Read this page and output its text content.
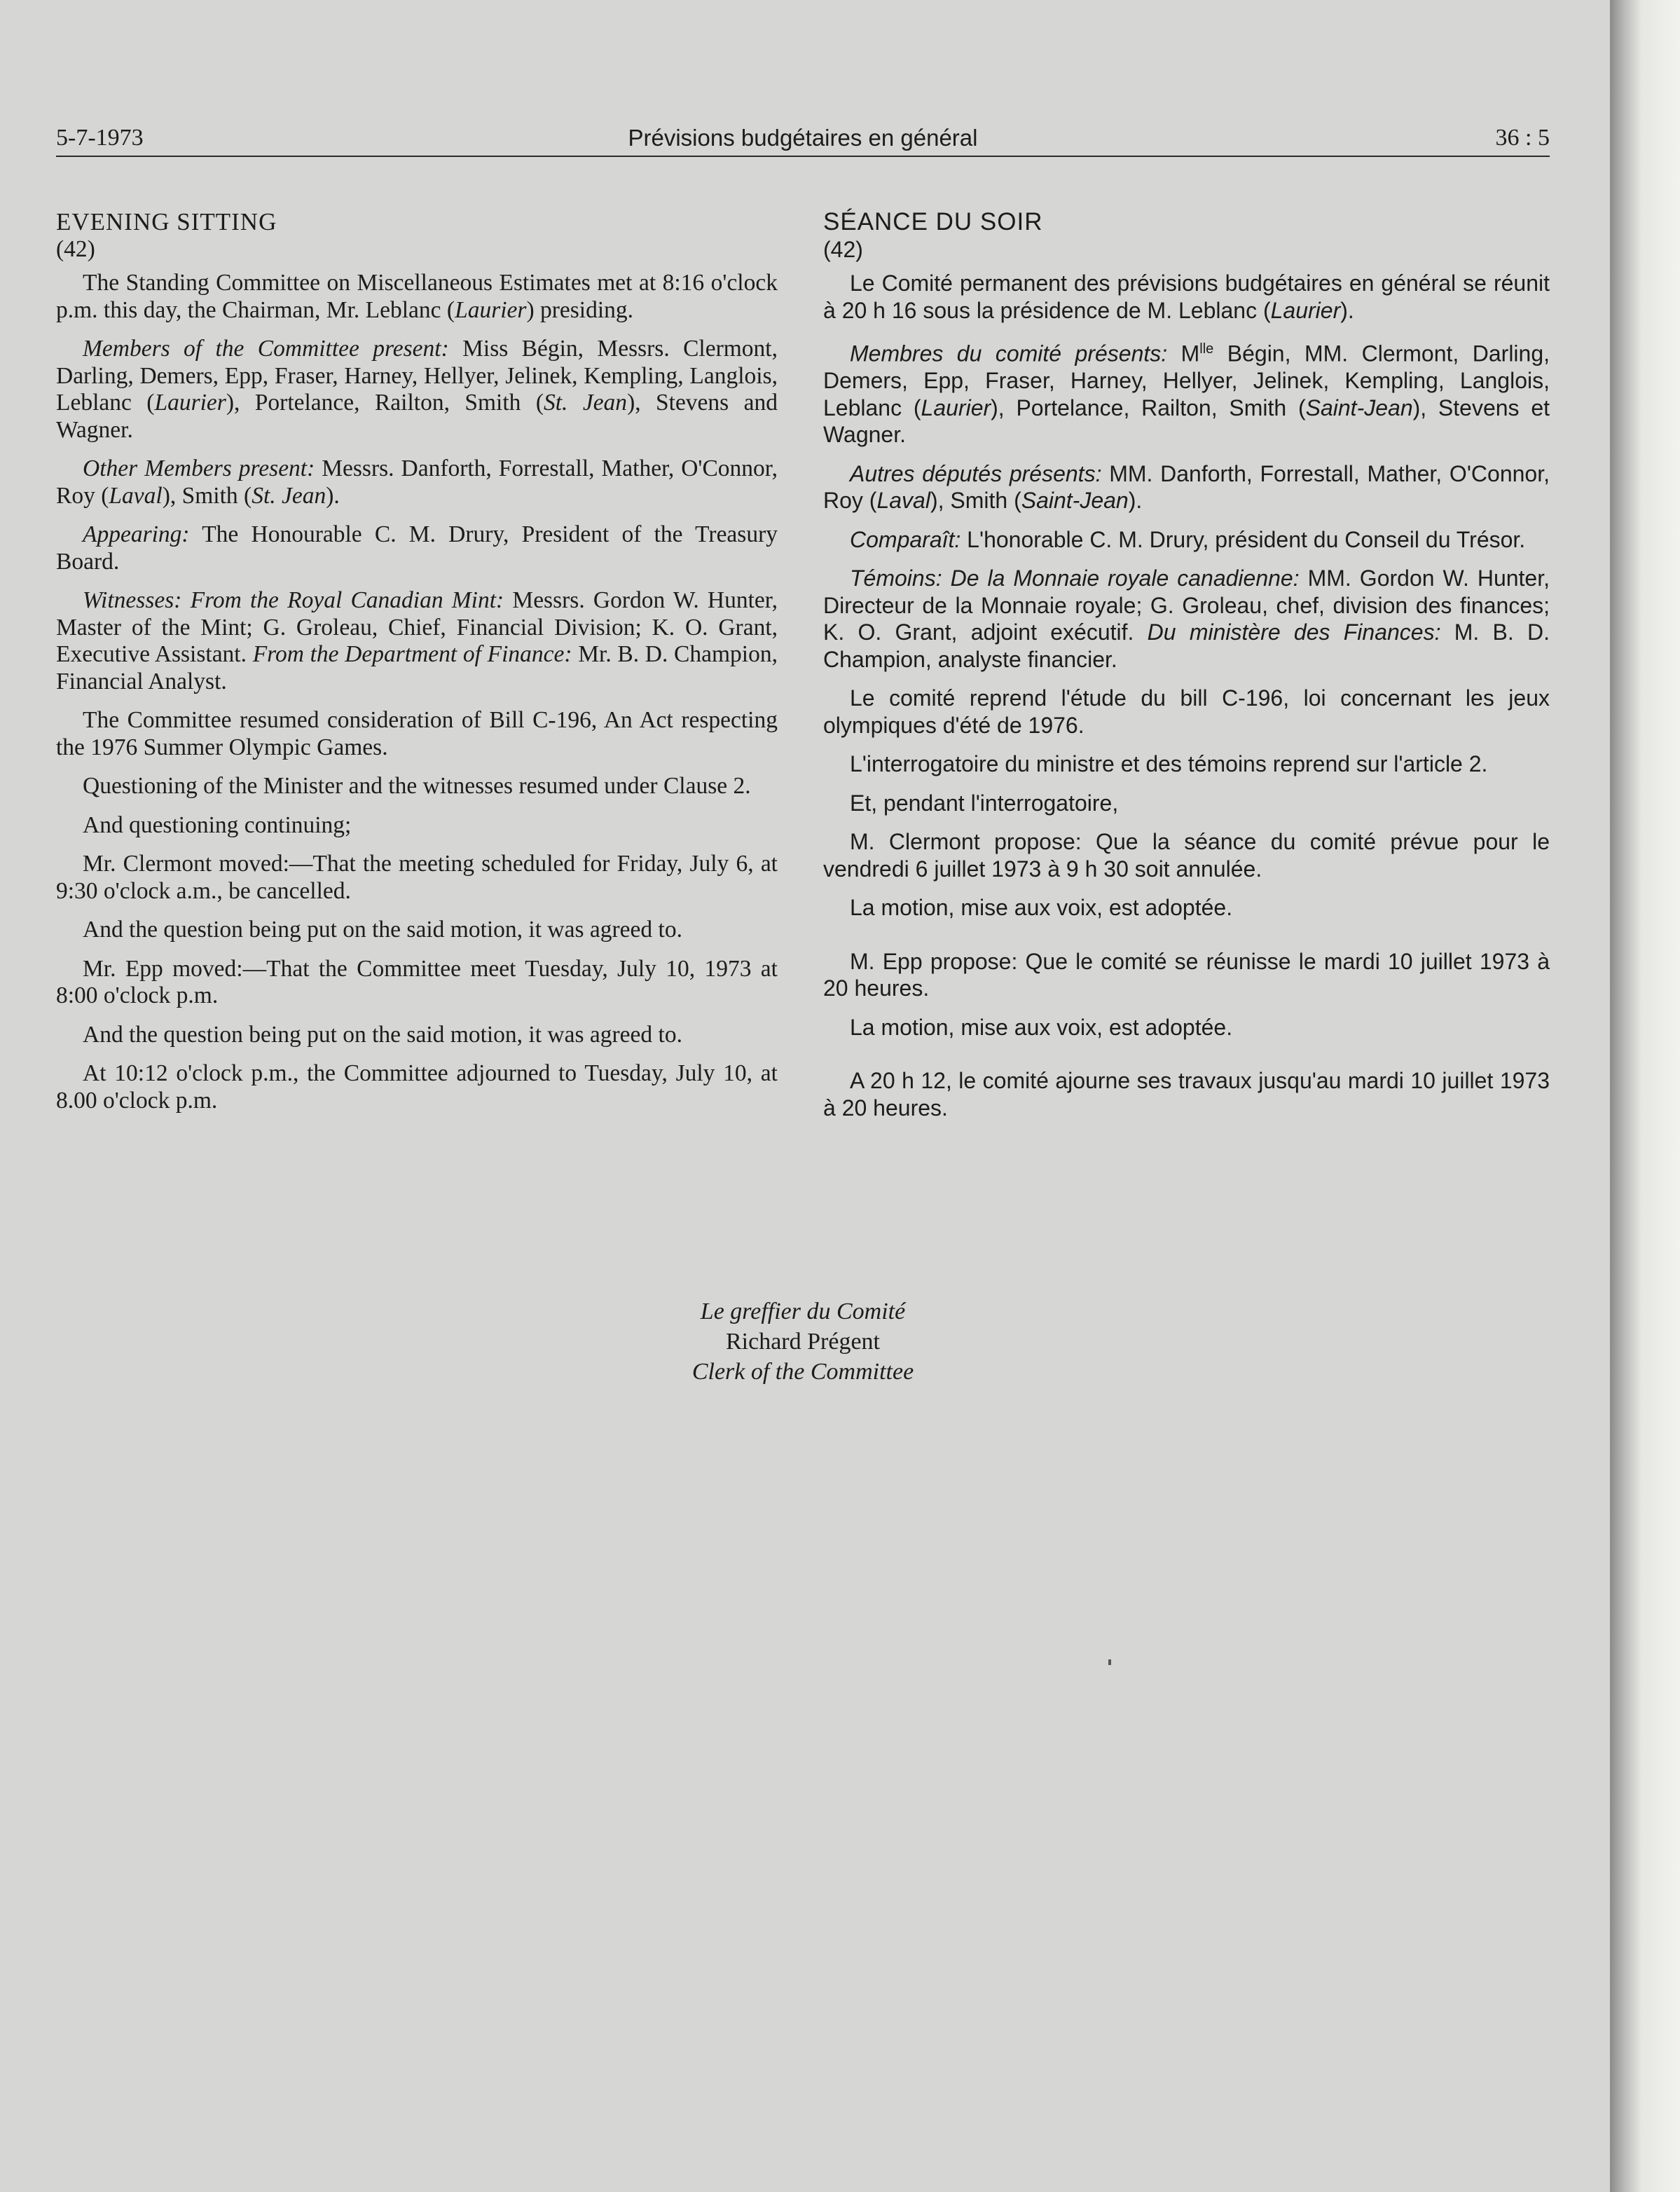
5-7-1973	Prévisions budgétaires en général	36 : 5
EVENING SITTING
(42)

The Standing Committee on Miscellaneous Estimates met at 8:16 o'clock p.m. this day, the Chairman, Mr. Leblanc (Laurier) presiding.

Members of the Committee present: Miss Bégin, Messrs. Clermont, Darling, Demers, Epp, Fraser, Harney, Hellyer, Jelinek, Kempling, Langlois, Leblanc (Laurier), Portelance, Railton, Smith (St. Jean), Stevens and Wagner.

Other Members present: Messrs. Danforth, Forrestall, Mather, O'Connor, Roy (Laval), Smith (St. Jean).

Appearing: The Honourable C. M. Drury, President of the Treasury Board.

Witnesses: From the Royal Canadian Mint: Messrs. Gordon W. Hunter, Master of the Mint; G. Groleau, Chief, Financial Division; K. O. Grant, Executive Assistant. From the Department of Finance: Mr. B. D. Champion, Financial Analyst.

The Committee resumed consideration of Bill C-196, An Act respecting the 1976 Summer Olympic Games.

Questioning of the Minister and the witnesses resumed under Clause 2.

And questioning continuing;

Mr. Clermont moved:—That the meeting scheduled for Friday, July 6, at 9:30 o'clock a.m., be cancelled.

And the question being put on the said motion, it was agreed to.

Mr. Epp moved:—That the Committee meet Tuesday, July 10, 1973 at 8:00 o'clock p.m.

And the question being put on the said motion, it was agreed to.

At 10:12 o'clock p.m., the Committee adjourned to Tuesday, July 10, at 8.00 o'clock p.m.

SÉANCE DU SOIR
(42)

Le Comité permanent des prévisions budgétaires en général se réunit à 20 h 16 sous la présidence de M. Leblanc (Laurier).

Membres du comité présents: $M^{lle}$ Bégin, MM. Clermont, Darling, Demers, Epp, Fraser, Harney, Hellyer, Jelinek, Kempling, Langlois, Leblanc (Laurier), Portelance, Railton, Smith (Saint-Jean), Stevens et Wagner.

Autres députés présents: MM. Danforth, Forrestall, Mather, O'Connor, Roy (Laval), Smith (Saint-Jean).

Comparaît: L'honorable C. M. Drury, président du Conseil du Trésor.

Témoins: De la Monnaie royale canadienne: MM. Gordon W. Hunter, Directeur de la Monnaie royale; G. Groleau, chef, division des finances; K. O. Grant, adjoint exécutif. Du ministère des Finances: M. B. D. Champion, analyste financier.

Le comité reprend l'étude du bill C-196, loi concernant les jeux olympiques d'été de 1976.

L'interrogatoire du ministre et des témoins reprend sur l'article 2.

Et, pendant l'interrogatoire,

M. Clermont propose: Que la séance du comité prévue pour le vendredi 6 juillet 1973 à 9 h 30 soit annulée.

La motion, mise aux voix, est adoptée.

M. Epp propose: Que le comité se réunisse le mardi 10 juillet 1973 à 20 heures.

La motion, mise aux voix, est adoptée.

A 20 h 12, le comité ajourne ses travaux jusqu'au mardi 10 juillet 1973 à 20 heures.

Le greffier du Comité
Richard Prégent
Clerk of the Committee
